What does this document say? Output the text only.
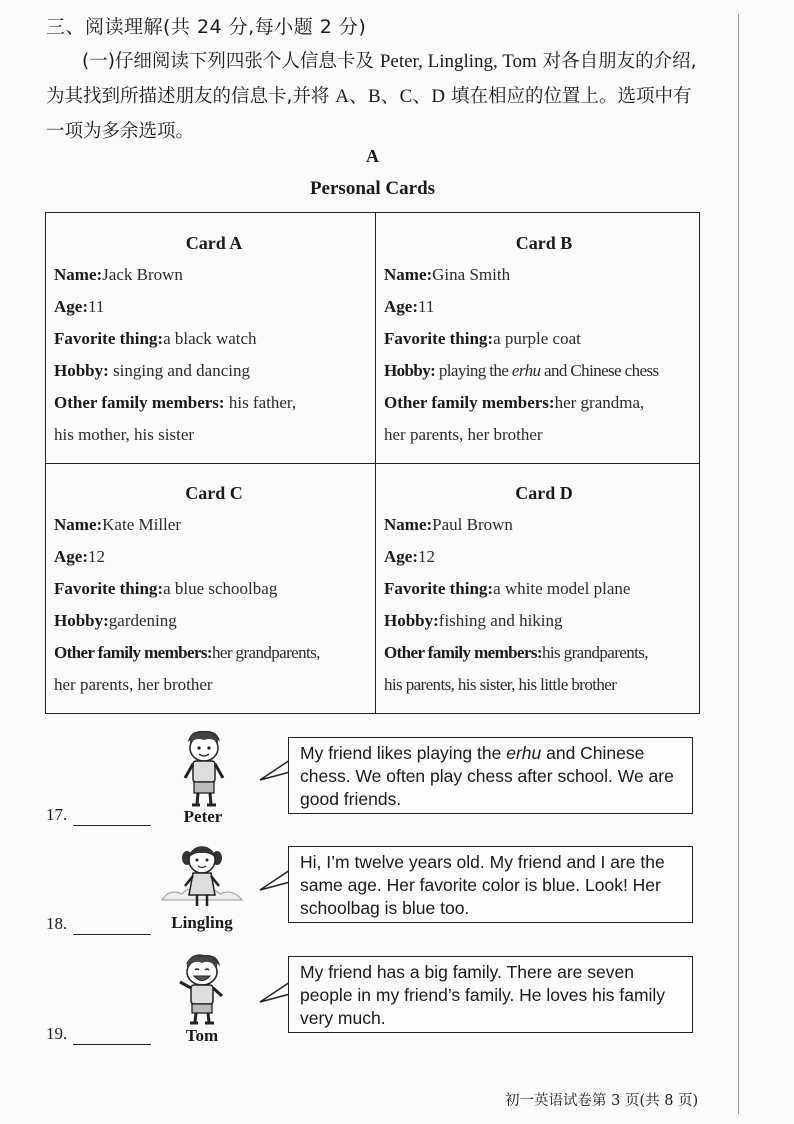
三、阅读理解(共 24 分,每小题 2 分)
(一)仔细阅读下列四张个人信息卡及 Peter, Lingling, Tom 对各自朋友的介绍,为其找到所描述朋友的信息卡,并将 A、B、C、D 填在相应的位置上。选项中有一项为多余选项。
A
Personal Cards
Card A
Name:Jack Brown
Age:11
Favorite thing:a black watch
Hobby: singing and dancing
Other family members: his father,
his mother, his sister
Card B
Name:Gina Smith
Age:11
Favorite thing:a purple coat
Hobby: playing the erhu and Chinese chess
Other family members:her grandma,
her parents, her brother
Card C
Name:Kate Miller
Age:12
Favorite thing:a blue schoolbag
Hobby:gardening
Other family members:her grandparents,
her parents, her brother
Card D
Name:Paul Brown
Age:12
Favorite thing:a white model plane
Hobby:fishing and hiking
Other family members:his grandparents,
his parents, his sister, his little brother
17.	Peter
My friend likes playing the erhu and Chinese chess. We often play chess after school. We are good friends.
18.	Lingling
Hi, I’m twelve years old. My friend and I are the same age. Her favorite color is blue. Look! Her schoolbag is blue too.
19.	Tom
My friend has a big family. There are seven people in my friend’s family. He loves his family very much.
初一英语试卷第 3 页(共 8 页)
